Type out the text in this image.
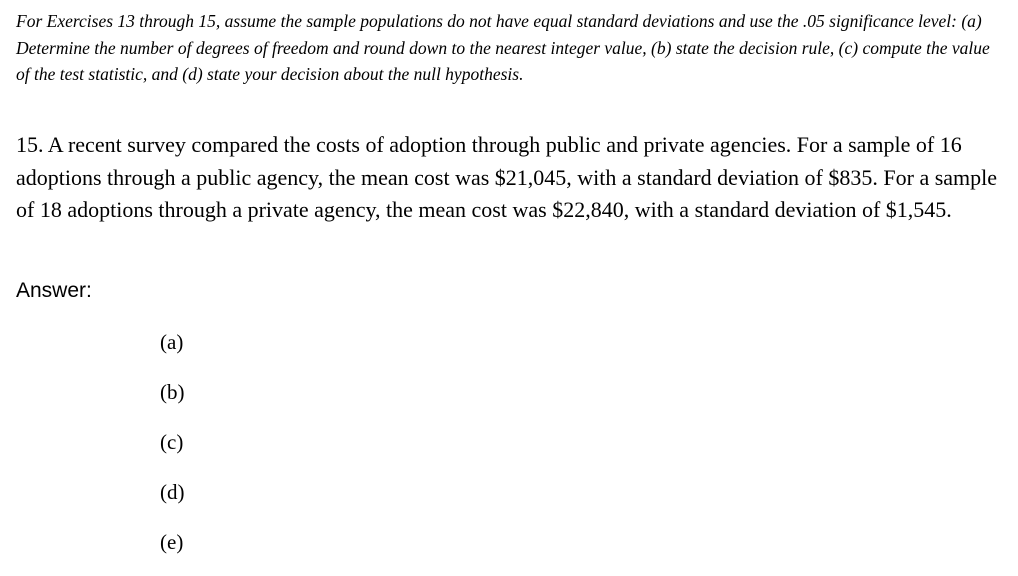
For Exercises 13 through 15, assume the sample populations do not have equal standard deviations and use the .05 significance level: (a) Determine the number of degrees of freedom and round down to the nearest integer value, (b) state the decision rule, (c) compute the value of the test statistic, and (d) state your decision about the null hypothesis.

15. A recent survey compared the costs of adoption through public and private agencies. For a sample of 16 adoptions through a public agency, the mean cost was $21,045, with a standard deviation of $835. For a sample of 18 adoptions through a private agency, the mean cost was $22,840, with a standard deviation of $1,545.

Answer:

(a)
(b)
(c)
(d)
(e)
